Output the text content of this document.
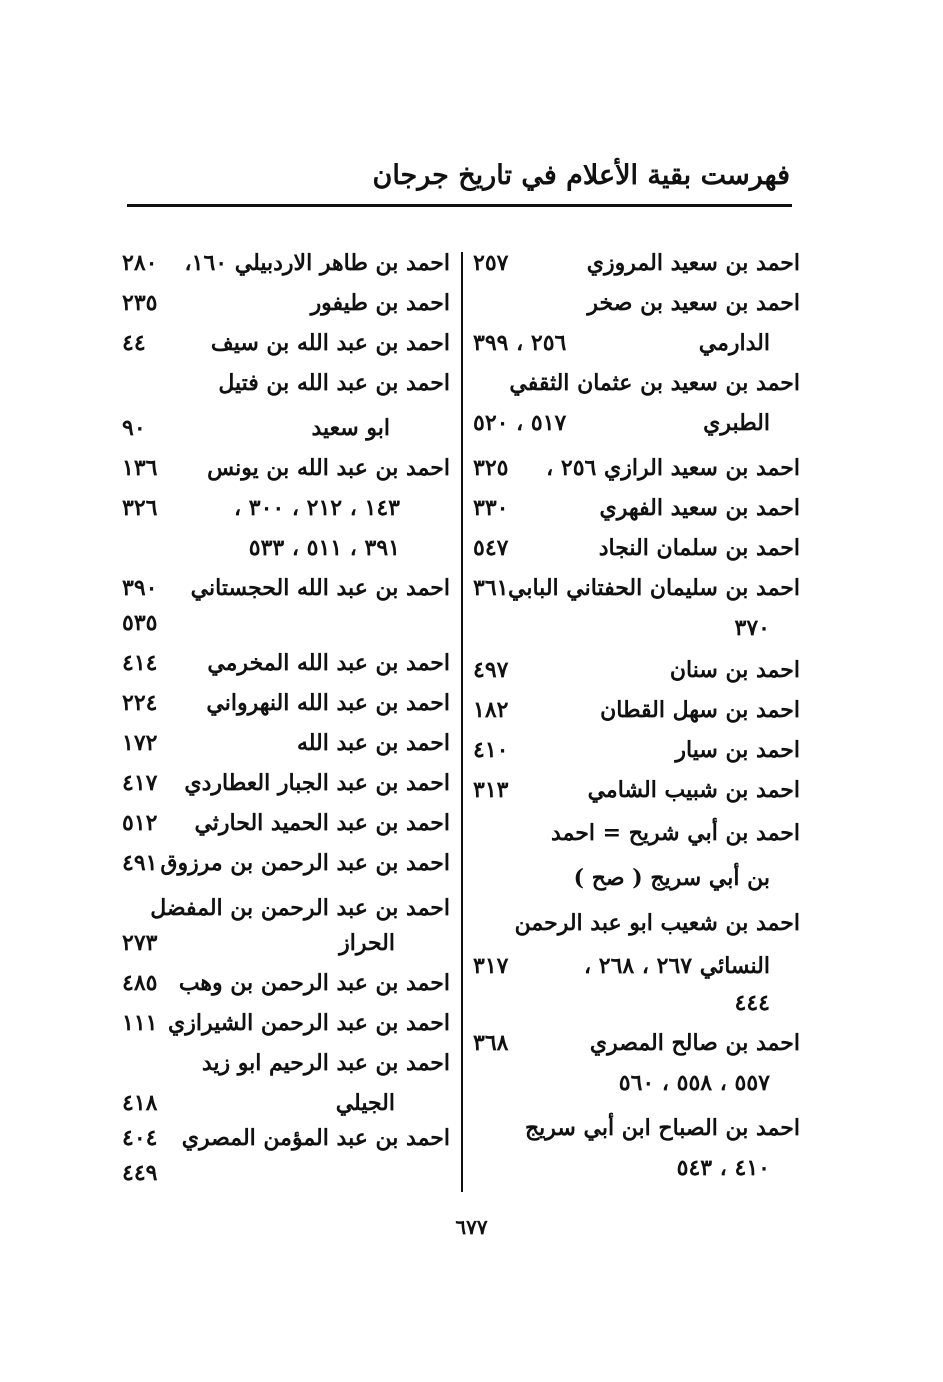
فهرست بقية الأعلام في تاريخ جرجان
احمد بن سعيد المروزي
٢٥٧
احمد بن سعيد بن صخر
الدارمي
٢٥٦ ، ٣٩٩
احمد بن سعيد بن عثمان الثقفي
الطبري
٥١٧ ، ٥٢٠
احمد بن سعيد الرازي ٢٥٦ ،
٣٢٥
احمد بن سعيد الفهري
٣٣٠
احمد بن سلمان النجاد
٥٤٧
احمد بن سليمان الحفتاني البابي
٣٦١
٣٧٠
احمد بن سنان
٤٩٧
احمد بن سهل القطان
١٨٢
احمد بن سيار
٤١٠
احمد بن شبيب الشامي
٣١٣
احمد بن أبي شريح = احمد
بن أبي سريج ( صح )
احمد بن شعيب ابو عبد الرحمن
النسائي ٢٦٧ ، ٢٦٨ ،
٣١٧
٤٤٤
احمد بن صالح المصري
٣٦٨
٥٥٧ ، ٥٥٨ ، ٥٦٠
احمد بن الصباح ابن أبي سريج
٤١٠ ، ٥٤٣
احمد بن طاهر الاردبيلي ١٦٠،
٢٨٠
احمد بن طيفور
٢٣٥
احمد بن عبد الله بن سيف
٤٤
احمد بن عبد الله بن فتيل
ابو سعيد
٩٠
احمد بن عبد الله بن يونس
١٣٦
١٤٣ ، ٢١٢ ، ٣٠٠ ،
٣٢٦
٣٩١ ، ٥١١ ، ٥٣٣
احمد بن عبد الله الحجستاني
٣٩٠
٥٣٥
احمد بن عبد الله المخرمي
٤١٤
احمد بن عبد الله النهرواني
٢٢٤
احمد بن عبد الله
١٧٢
احمد بن عبد الجبار العطاردي
٤١٧
احمد بن عبد الحميد الحارثي
٥١٢
احمد بن عبد الرحمن بن مرزوق
٤٩١
احمد بن عبد الرحمن بن المفضل
الحراز
٢٧٣
احمد بن عبد الرحمن بن وهب
٤٨٥
احمد بن عبد الرحمن الشيرازي
١١١
احمد بن عبد الرحيم ابو زيد
الجيلي
٤١٨
احمد بن عبد المؤمن المصري
٤٠٤
٤٤٩
٦٧٧
